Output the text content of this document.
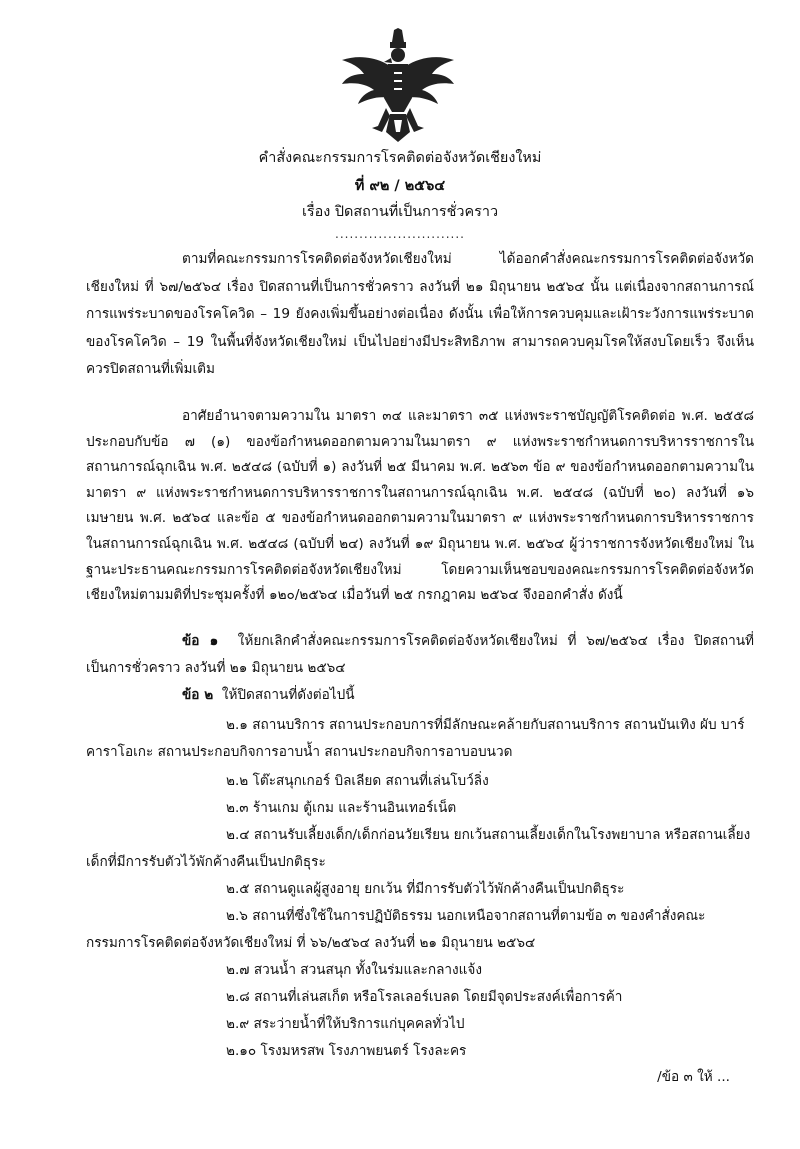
คำสั่งคณะกรรมการโรคติดต่อจังหวัดเชียงใหม่
ที่ ๙๒ / ๒๕๖๔
เรื่อง ปิดสถานที่เป็นการชั่วคราว
...........................

ตามที่คณะกรรมการโรคติดต่อจังหวัดเชียงใหม่ ได้ออกคำสั่งคณะกรรมการโรคติดต่อจังหวัดเชียงใหม่ ที่ ๖๗/๒๕๖๔ เรื่อง ปิดสถานที่เป็นการชั่วคราว ลงวันที่ ๒๑ มิถุนายน ๒๕๖๔ นั้น แต่เนื่องจากสถานการณ์การแพร่ระบาดของโรคโควิด – 19 ยังคงเพิ่มขึ้นอย่างต่อเนื่อง ดังนั้น เพื่อให้การควบคุมและเฝ้าระวังการแพร่ระบาดของโรคโควิด – 19 ในพื้นที่จังหวัดเชียงใหม่ เป็นไปอย่างมีประสิทธิภาพ สามารถควบคุมโรคให้สงบโดยเร็ว จึงเห็นควรปิดสถานที่เพิ่มเติม

อาศัยอำนาจตามความใน มาตรา ๓๔ และมาตรา ๓๕ แห่งพระราชบัญญัติโรคติดต่อ พ.ศ. ๒๕๕๘ ประกอบกับข้อ ๗ (๑) ของข้อกำหนดออกตามความในมาตรา ๙ แห่งพระราชกำหนดการบริหารราชการในสถานการณ์ฉุกเฉิน พ.ศ. ๒๕๔๘ (ฉบับที่ ๑) ลงวันที่ ๒๕ มีนาคม พ.ศ. ๒๕๖๓ ข้อ ๙ ของข้อกำหนดออกตามความในมาตรา ๙ แห่งพระราชกำหนดการบริหารราชการในสถานการณ์ฉุกเฉิน พ.ศ. ๒๕๔๘ (ฉบับที่ ๒๐) ลงวันที่ ๑๖ เมษายน พ.ศ. ๒๕๖๔ และข้อ ๕ ของข้อกำหนดออกตามความในมาตรา ๙ แห่งพระราชกำหนดการบริหารราชการในสถานการณ์ฉุกเฉิน พ.ศ. ๒๕๔๘ (ฉบับที่ ๒๔) ลงวันที่ ๑๙ มิถุนายน พ.ศ. ๒๕๖๔ ผู้ว่าราชการจังหวัดเชียงใหม่ ในฐานะประธานคณะกรรมการโรคติดต่อจังหวัดเชียงใหม่ โดยความเห็นชอบของคณะกรรมการโรคติดต่อจังหวัดเชียงใหม่ตามมติที่ประชุมครั้งที่ ๑๒๐/๒๕๖๔ เมื่อวันที่ ๒๕ กรกฎาคม ๒๕๖๔ จึงออกคำสั่ง ดังนี้

ข้อ ๑ ให้ยกเลิกคำสั่งคณะกรรมการโรคติดต่อจังหวัดเชียงใหม่ ที่ ๖๗/๒๕๖๔ เรื่อง ปิดสถานที่เป็นการชั่วคราว ลงวันที่ ๒๑ มิถุนายน ๒๕๖๔

ข้อ ๒ ให้ปิดสถานที่ดังต่อไปนี้

๒.๑ สถานบริการ สถานประกอบการที่มีลักษณะคล้ายกับสถานบริการ สถานบันเทิง ผับ บาร์ คาราโอเกะ สถานประกอบกิจการอาบน้ำ สถานประกอบกิจการอาบอบนวด

๒.๒ โต๊ะสนุกเกอร์ บิลเลียด สถานที่เล่นโบว์ลิ่ง

๒.๓ ร้านเกม ตู้เกม และร้านอินเทอร์เน็ต

๒.๔ สถานรับเลี้ยงเด็ก/เด็กก่อนวัยเรียน ยกเว้นสถานเลี้ยงเด็กในโรงพยาบาล หรือสถานเลี้ยงเด็กที่มีการรับตัวไว้พักค้างคืนเป็นปกติธุระ

๒.๕ สถานดูแลผู้สูงอายุ ยกเว้น ที่มีการรับตัวไว้พักค้างคืนเป็นปกติธุระ

๒.๖ สถานที่ซึ่งใช้ในการปฏิบัติธรรม นอกเหนือจากสถานที่ตามข้อ ๓ ของคำสั่งคณะกรรมการโรคติดต่อจังหวัดเชียงใหม่ ที่ ๖๖/๒๕๖๔ ลงวันที่ ๒๑ มิถุนายน ๒๕๖๔

๒.๗ สวนน้ำ สวนสนุก ทั้งในร่มและกลางแจ้ง

๒.๘ สถานที่เล่นสเก็ต หรือโรลเลอร์เบลด โดยมีจุดประสงค์เพื่อการค้า

๒.๙ สระว่ายน้ำที่ให้บริการแก่บุคคลทั่วไป

๒.๑๐ โรงมหรสพ โรงภาพยนตร์ โรงละคร

/ข้อ ๓ ให้ ...
